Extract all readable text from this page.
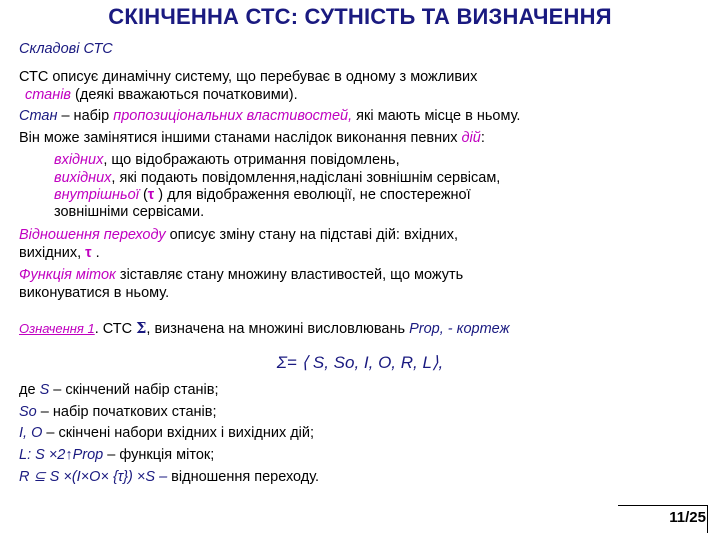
СКІНЧЕННА СТС: СУТНІСТЬ ТА ВИЗНАЧЕННЯ
Складові СТС
СТС описує динамічну систему, що перебуває в одному з можливих
станів (деякі вважаються початковими).
Стан – набір пропозиціональних властивостей, які мають місце в ньому.
Він може замінятися іншими станами наслідок виконання певних дій:
вхідних, що відображають отримання повідомлень,
вихідних, які подають повідомлення,надіслані зовнішнім сервісам,
внутрішньої (τ ) для відображення еволюції, не спостережної
зовнішніми сервісами.
Відношення переходу описує зміну стану на підставі дій: вхідних,
вихідних, τ .
Функція міток зіставляє стану множину властивостей, що можуть
виконуватися в ньому.
Означення 1. СТС Σ, визначена на множині висловлювань Prop, - кортеж
Σ= ⟨ S, So, I, O, R, L⟩,
де S – скінчений набір станів;
So – набір початкових станів;
I, O – скінчені набори вхідних і вихідних дій;
L: S ×2↑Prop – функція міток;
R ⊆ S ×(I×O× {τ}) ×S – відношення переходу.
11/25
